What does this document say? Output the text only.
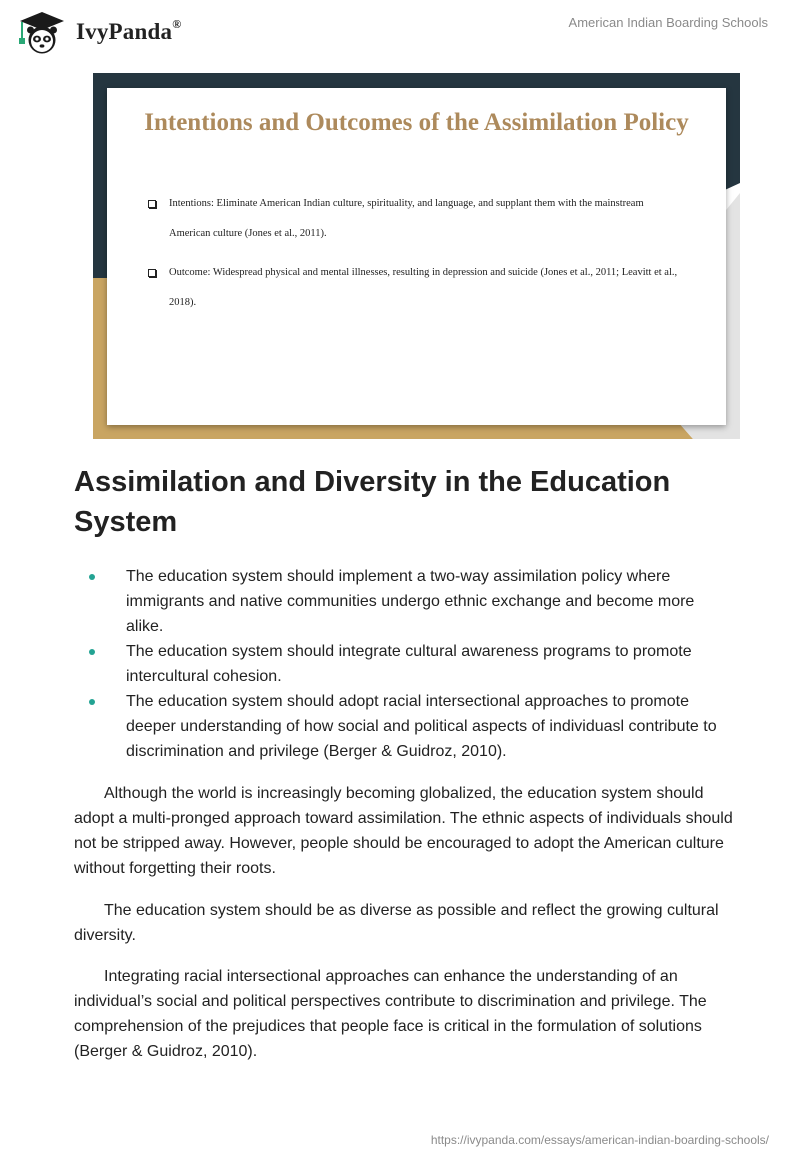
IvyPanda®	American Indian Boarding Schools
Intentions and Outcomes of the Assimilation Policy
Intentions: Eliminate American Indian culture, spirituality, and language, and supplant them with the mainstream American culture (Jones et al., 2011).
Outcome: Widespread physical and mental illnesses, resulting in depression and suicide (Jones et al., 2011; Leavitt et al., 2018).
Assimilation and Diversity in the Education System
The education system should implement a two-way assimilation policy where immigrants and native communities undergo ethnic exchange and become more alike.
The education system should integrate cultural awareness programs to promote intercultural cohesion.
The education system should adopt racial intersectional approaches to promote deeper understanding of how social and political aspects of individuasl contribute to discrimination and privilege (Berger & Guidroz, 2010).

Although the world is increasingly becoming globalized, the education system should adopt a multi-pronged approach toward assimilation. The ethnic aspects of individuals should not be stripped away. However, people should be encouraged to adopt the American culture without forgetting their roots.

The education system should be as diverse as possible and reflect the growing cultural diversity.

Integrating racial intersectional approaches can enhance the understanding of an individual’s social and political perspectives contribute to discrimination and privilege. The comprehension of the prejudices that people face is critical in the formulation of solutions (Berger & Guidroz, 2010).

https://ivypanda.com/essays/american-indian-boarding-schools/
